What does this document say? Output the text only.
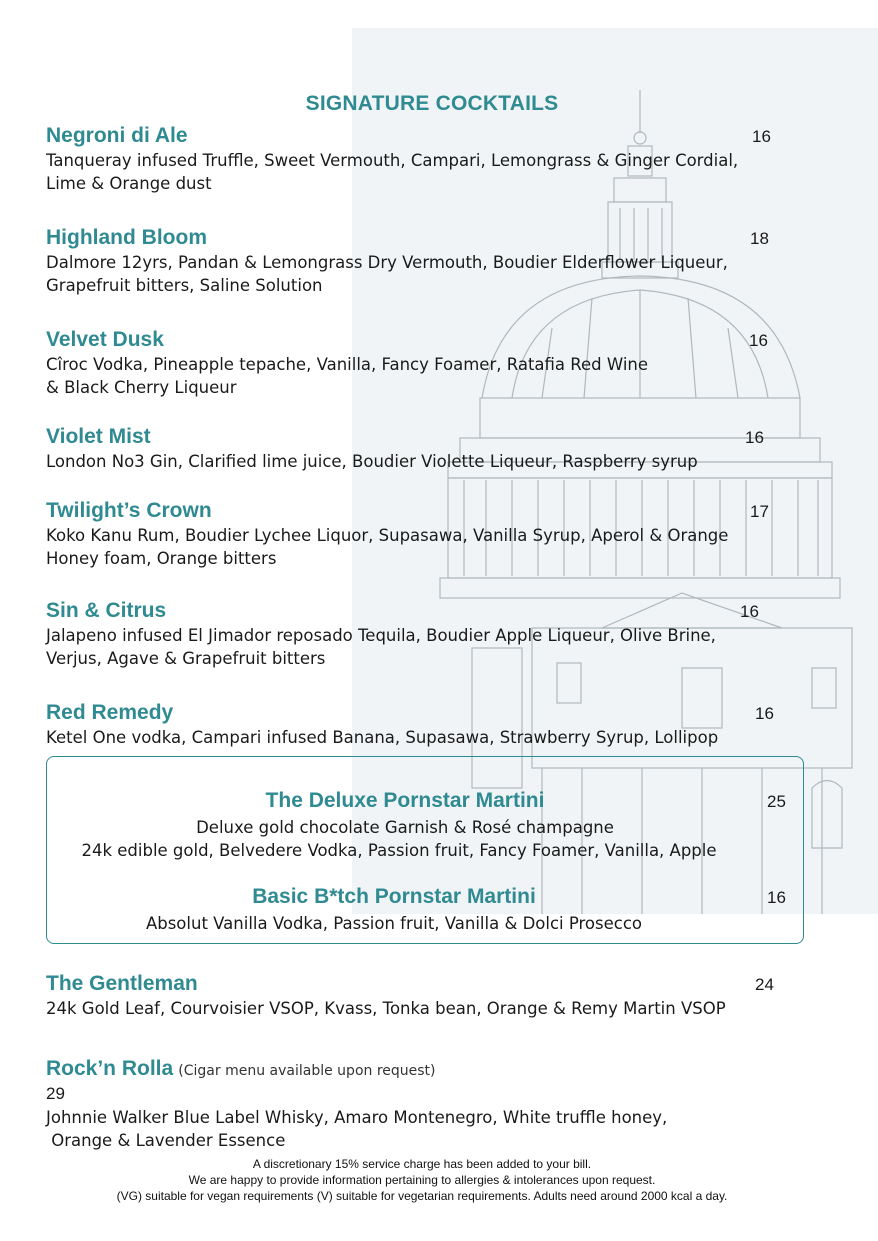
SIGNATURE COCKTAILS
Negroni di Ale
Tanqueray infused Truffle, Sweet Vermouth, Campari, Lemongrass & Ginger Cordial,
Lime & Orange dust
16
Highland Bloom
Dalmore 12yrs, Pandan & Lemongrass Dry Vermouth, Boudier Elderflower Liqueur,
Grapefruit bitters, Saline Solution
18
Velvet Dusk
Cîroc Vodka, Pineapple tepache, Vanilla, Fancy Foamer, Ratafia Red Wine
& Black Cherry Liqueur
16
Violet Mist
London No3 Gin, Clarified lime juice, Boudier Violette Liqueur, Raspberry syrup
16
Twilight’s Crown
Koko Kanu Rum, Boudier Lychee Liquor, Supasawa, Vanilla Syrup, Aperol & Orange
Honey foam, Orange bitters
17
Sin & Citrus
Jalapeno infused El Jimador reposado Tequila, Boudier Apple Liqueur, Olive Brine,
Verjus, Agave & Grapefruit bitters
16
Red Remedy
Ketel One vodka, Campari infused Banana, Supasawa, Strawberry Syrup, Lollipop
16
The Deluxe Pornstar Martini	25
Deluxe gold chocolate Garnish & Rosé champagne
24k edible gold, Belvedere Vodka, Passion fruit, Fancy Foamer, Vanilla, Apple
Basic B*tch Pornstar Martini	16
Absolut Vanilla Vodka, Passion fruit, Vanilla & Dolci Prosecco
The Gentleman
24k Gold Leaf, Courvoisier VSOP, Kvass, Tonka bean, Orange & Remy Martin VSOP
24
Rock’n Rolla (Cigar menu available upon request)
29
Johnnie Walker Blue Label Whisky, Amaro Montenegro, White truffle honey,
Orange & Lavender Essence
A discretionary 15% service charge has been added to your bill.
We are happy to provide information pertaining to allergies & intolerances upon request.
(VG) suitable for vegan requirements (V) suitable for vegetarian requirements. Adults need around 2000 kcal a day.
